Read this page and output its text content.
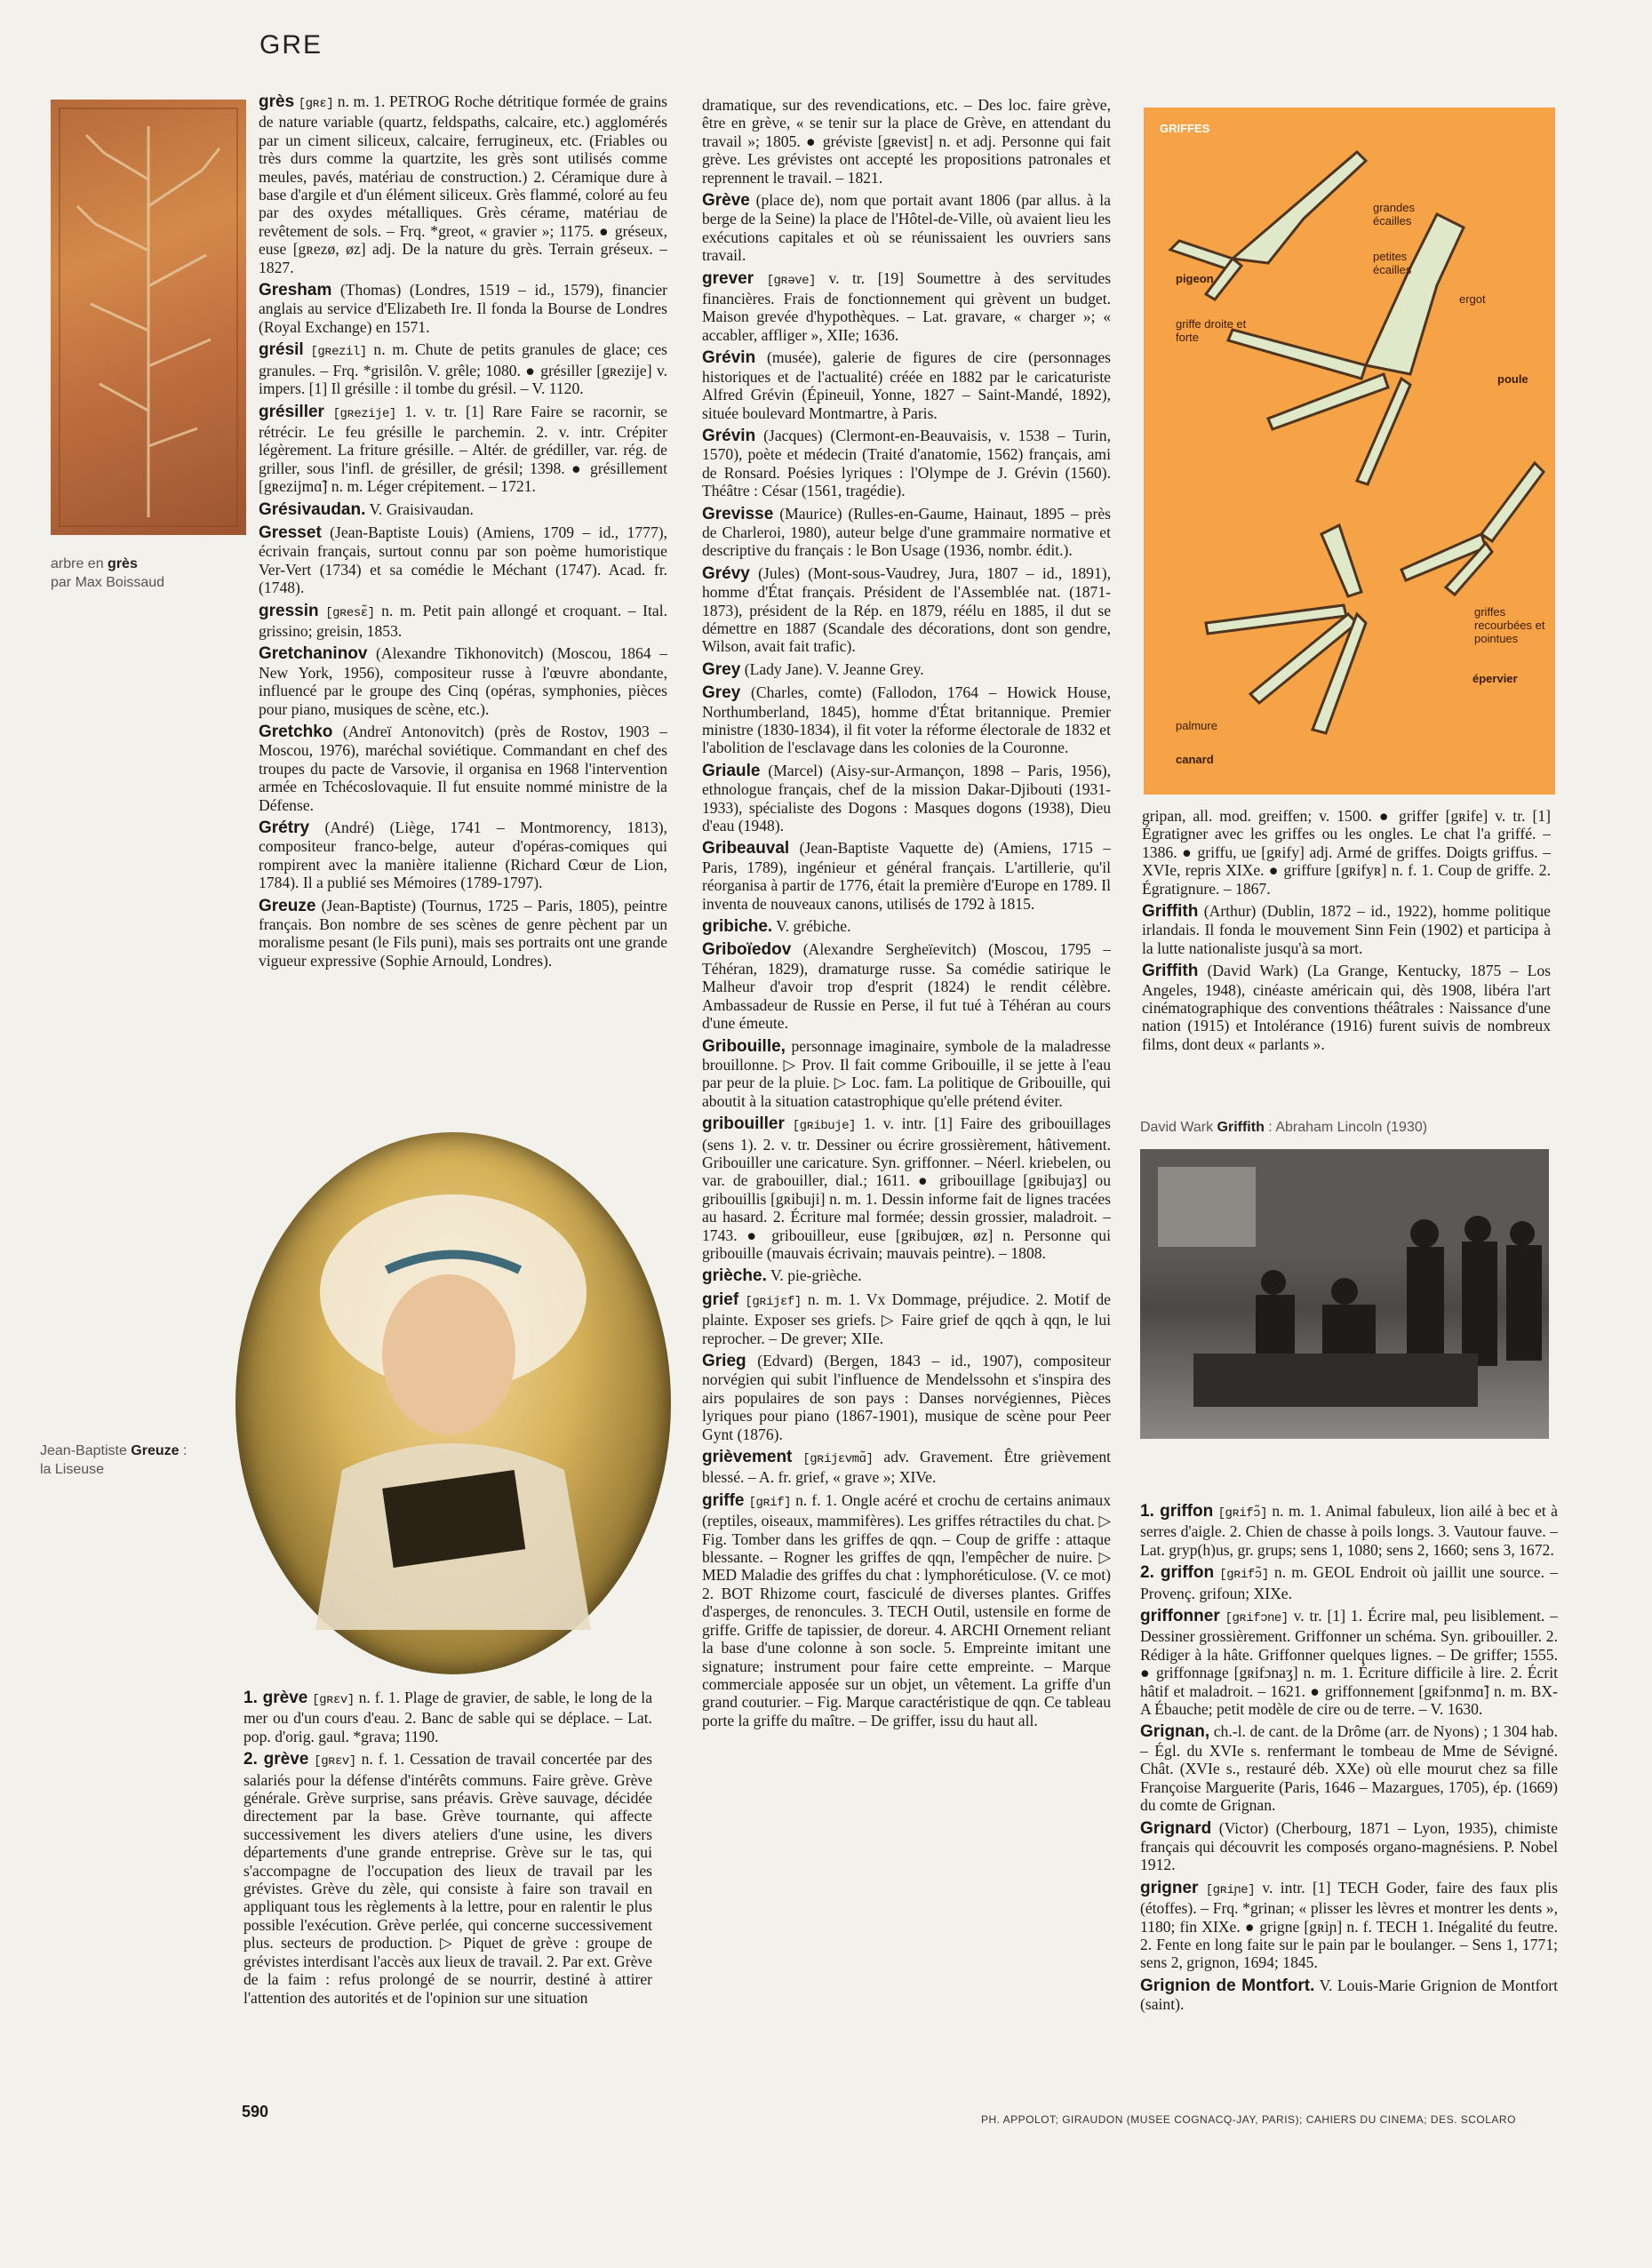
GRE
arbre en grès
par Max Boissaud
Jean-Baptiste Greuze :
la Liseuse
grès [gʀɛ] n. m. 1. PETROG Roche détritique formée de grains de nature variable (quartz, feldspaths, calcaire, etc.) agglomérés par un ciment siliceux, calcaire, ferrugineux, etc. (Friables ou très durs comme la quartzite, les grès sont utilisés comme meules, pavés, matériau de construction.) 2. Céramique dure à base d'argile et d'un élément siliceux. Grès flammé, coloré au feu par des oxydes métalliques. Grès cérame, matériau de revêtement de sols. – Frq. *greot, « gravier »; 1175. ● gréseux, euse [gʀezø, øz] adj. De la nature du grès. Terrain gréseux. – 1827.
Gresham (Thomas) (Londres, 1519 – id., 1579), financier anglais au service d'Elizabeth Ire. Il fonda la Bourse de Londres (Royal Exchange) en 1571.
grésil [gʀezil] n. m. Chute de petits granules de glace; ces granules. – Frq. *grisilôn. V. grêle; 1080. ● grésiller [gʀezije] v. impers. [1] Il grésille : il tombe du grésil. – V. 1120.
grésiller [gʀezije] 1. v. tr. [1] Rare Faire se racornir, se rétrécir. Le feu grésille le parchemin. 2. v. intr. Crépiter légèrement. La friture grésille. – Altér. de grédiller, var. rég. de griller, sous l'infl. de grésiller, de grésil; 1398. ● grésillement [gʀezijmɑ̃] n. m. Léger crépitement. – 1721.
Grésivaudan. V. Graisivaudan.
Gresset (Jean-Baptiste Louis) (Amiens, 1709 – id., 1777), écrivain français, surtout connu par son poème humoristique Ver-Vert (1734) et sa comédie le Méchant (1747). Acad. fr. (1748).
gressin [gʀesɛ̃] n. m. Petit pain allongé et croquant. – Ital. grissino; greisin, 1853.
Gretchaninov (Alexandre Tikhonovitch) (Moscou, 1864 – New York, 1956), compositeur russe à l'œuvre abondante, influencé par le groupe des Cinq (opéras, symphonies, pièces pour piano, musiques de scène, etc.).
Gretchko (Andreï Antonovitch) (près de Rostov, 1903 – Moscou, 1976), maréchal soviétique. Commandant en chef des troupes du pacte de Varsovie, il organisa en 1968 l'intervention armée en Tchécoslovaquie. Il fut ensuite nommé ministre de la Défense.
Grétry (André) (Liège, 1741 – Montmorency, 1813), compositeur franco-belge, auteur d'opéras-comiques qui rompirent avec la manière italienne (Richard Cœur de Lion, 1784). Il a publié ses Mémoires (1789-1797).
Greuze (Jean-Baptiste) (Tournus, 1725 – Paris, 1805), peintre français. Bon nombre de ses scènes de genre pèchent par un moralisme pesant (le Fils puni), mais ses portraits ont une grande vigueur expressive (Sophie Arnould, Londres).
1. grève [gʀɛv] n. f. 1. Plage de gravier, de sable, le long de la mer ou d'un cours d'eau. 2. Banc de sable qui se déplace. – Lat. pop. d'orig. gaul. *grava; 1190.
2. grève [gʀɛv] n. f. 1. Cessation de travail concertée par des salariés pour la défense d'intérêts communs. Faire grève. Grève générale. Grève surprise, sans préavis. Grève sauvage, décidée directement par la base. Grève tournante, qui affecte successivement les divers ateliers d'une usine, les divers départements d'une grande entreprise. Grève sur le tas, qui s'accompagne de l'occupation des lieux de travail par les grévistes. Grève du zèle, qui consiste à faire son travail en appliquant tous les règlements à la lettre, pour en ralentir le plus possible l'exécution. Grève perlée, qui concerne successivement plus. secteurs de production. ▷ Piquet de grève : groupe de grévistes interdisant l'accès aux lieux de travail. 2. Par ext. Grève de la faim : refus prolongé de se nourrir, destiné à attirer l'attention des autorités et de l'opinion sur une situation
dramatique, sur des revendications, etc. – Des loc. faire grève, être en grève, « se tenir sur la place de Grève, en attendant du travail »; 1805. ● gréviste [gʀevist] n. et adj. Personne qui fait grève. Les grévistes ont accepté les propositions patronales et reprennent le travail. – 1821.
Grève (place de), nom que portait avant 1806 (par allus. à la berge de la Seine) la place de l'Hôtel-de-Ville, où avaient lieu les exécutions capitales et où se réunissaient les ouvriers sans travail.
grever [gʀəve] v. tr. [19] Soumettre à des servitudes financières. Frais de fonctionnement qui grèvent un budget. Maison grevée d'hypothèques. – Lat. gravare, « charger »; « accabler, affliger », XIIe; 1636.
Grévin (musée), galerie de figures de cire (personnages historiques et de l'actualité) créée en 1882 par le caricaturiste Alfred Grévin (Épineuil, Yonne, 1827 – Saint-Mandé, 1892), située boulevard Montmartre, à Paris.
Grévin (Jacques) (Clermont-en-Beauvaisis, v. 1538 – Turin, 1570), poète et médecin (Traité d'anatomie, 1562) français, ami de Ronsard. Poésies lyriques : l'Olympe de J. Grévin (1560). Théâtre : César (1561, tragédie).
Grevisse (Maurice) (Rulles-en-Gaume, Hainaut, 1895 – près de Charleroi, 1980), auteur belge d'une grammaire normative et descriptive du français : le Bon Usage (1936, nombr. édit.).
Grévy (Jules) (Mont-sous-Vaudrey, Jura, 1807 – id., 1891), homme d'État français. Président de l'Assemblée nat. (1871-1873), président de la Rép. en 1879, réélu en 1885, il dut se démettre en 1887 (Scandale des décorations, dont son gendre, Wilson, avait fait trafic).
Grey (Lady Jane). V. Jeanne Grey.
Grey (Charles, comte) (Fallodon, 1764 – Howick House, Northumberland, 1845), homme d'État britannique. Premier ministre (1830-1834), il fit voter la réforme électorale de 1832 et l'abolition de l'esclavage dans les colonies de la Couronne.
Griaule (Marcel) (Aisy-sur-Armançon, 1898 – Paris, 1956), ethnologue français, chef de la mission Dakar-Djibouti (1931-1933), spécialiste des Dogons : Masques dogons (1938), Dieu d'eau (1948).
Gribeauval (Jean-Baptiste Vaquette de) (Amiens, 1715 – Paris, 1789), ingénieur et général français. L'artillerie, qu'il réorganisa à partir de 1776, était la première d'Europe en 1789. Il inventa de nouveaux canons, utilisés de 1792 à 1815.
gribiche. V. grébiche.
Griboïedov (Alexandre Sergheïevitch) (Moscou, 1795 – Téhéran, 1829), dramaturge russe. Sa comédie satirique le Malheur d'avoir trop d'esprit (1824) le rendit célèbre. Ambassadeur de Russie en Perse, il fut tué à Téhéran au cours d'une émeute.
Gribouille, personnage imaginaire, symbole de la maladresse brouillonne. ▷ Prov. Il fait comme Gribouille, il se jette à l'eau par peur de la pluie. ▷ Loc. fam. La politique de Gribouille, qui aboutit à la situation catastrophique qu'elle prétend éviter.
gribouiller [gʀibuje] 1. v. intr. [1] Faire des gribouillages (sens 1). 2. v. tr. Dessiner ou écrire grossièrement, hâtivement. Gribouiller une caricature. Syn. griffonner. – Néerl. kriebelen, ou var. de grabouiller, dial.; 1611. ● gribouillage [gʀibujaʒ] ou gribouillis [gʀibuji] n. m. 1. Dessin informe fait de lignes tracées au hasard. 2. Écriture mal formée; dessin grossier, maladroit. – 1743. ● gribouilleur, euse [gʀibujœʀ, øz] n. Personne qui gribouille (mauvais écrivain; mauvais peintre). – 1808.
grièche. V. pie-grièche.
grief [gʀijɛf] n. m. 1. Vx Dommage, préjudice. 2. Motif de plainte. Exposer ses griefs. ▷ Faire grief de qqch à qqn, le lui reprocher. – De grever; XIIe.
Grieg (Edvard) (Bergen, 1843 – id., 1907), compositeur norvégien qui subit l'influence de Mendelssohn et s'inspira des airs populaires de son pays : Danses norvégiennes, Pièces lyriques pour piano (1867-1901), musique de scène pour Peer Gynt (1876).
grièvement [gʀijɛvmɑ̃] adv. Gravement. Être grièvement blessé. – A. fr. grief, « grave »; XIVe.
griffe [gʀif] n. f. 1. Ongle acéré et crochu de certains animaux (reptiles, oiseaux, mammifères). Les griffes rétractiles du chat. ▷ Fig. Tomber dans les griffes de qqn. – Coup de griffe : attaque blessante. – Rogner les griffes de qqn, l'empêcher de nuire. ▷ MED Maladie des griffes du chat : lymphoréticulose. (V. ce mot) 2. BOT Rhizome court, fasciculé de diverses plantes. Griffes d'asperges, de renoncules. 3. TECH Outil, ustensile en forme de griffe. Griffe de tapissier, de doreur. 4. ARCHI Ornement reliant la base d'une colonne à son socle. 5. Empreinte imitant une signature; instrument pour faire cette empreinte. – Marque commerciale apposée sur un objet, un vêtement. La griffe d'un grand couturier. – Fig. Marque caractéristique de qqn. Ce tableau porte la griffe du maître. – De griffer, issu du haut all.
GRIFFES
grandes écailles
petites écailles
pigeon
ergot
griffe droite et forte
poule
griffes recourbées et pointues
épervier
palmure
canard
gripan, all. mod. greiffen; v. 1500. ● griffer [gʀife] v. tr. [1] Égratigner avec les griffes ou les ongles. Le chat l'a griffé. – 1386. ● griffu, ue [gʀify] adj. Armé de griffes. Doigts griffus. – XVIe, repris XIXe. ● griffure [gʀifyʀ] n. f. 1. Coup de griffe. 2. Égratignure. – 1867.
Griffith (Arthur) (Dublin, 1872 – id., 1922), homme politique irlandais. Il fonda le mouvement Sinn Fein (1902) et participa à la lutte nationaliste jusqu'à sa mort.
Griffith (David Wark) (La Grange, Kentucky, 1875 – Los Angeles, 1948), cinéaste américain qui, dès 1908, libéra l'art cinématographique des conventions théâtrales : Naissance d'une nation (1915) et Intolérance (1916) furent suivis de nombreux films, dont deux « parlants ».
David Wark Griffith : Abraham Lincoln (1930)
1. griffon [gʀifɔ̃] n. m. 1. Animal fabuleux, lion ailé à bec et à serres d'aigle. 2. Chien de chasse à poils longs. 3. Vautour fauve. – Lat. gryp(h)us, gr. grups; sens 1, 1080; sens 2, 1660; sens 3, 1672.
2. griffon [gʀifɔ̃] n. m. GEOL Endroit où jaillit une source. – Provenç. grifoun; XIXe.
griffonner [gʀifɔne] v. tr. [1] 1. Écrire mal, peu lisiblement. – Dessiner grossièrement. Griffonner un schéma. Syn. gribouiller. 2. Rédiger à la hâte. Griffonner quelques lignes. – De griffer; 1555. ● griffonnage [gʀifɔnaʒ] n. m. 1. Écriture difficile à lire. 2. Écrit hâtif et maladroit. – 1621. ● griffonnement [gʀifɔnmɑ̃] n. m. BX-A Ébauche; petit modèle de cire ou de terre. – V. 1630.
Grignan, ch.-l. de cant. de la Drôme (arr. de Nyons) ; 1 304 hab. – Égl. du XVIe s. renfermant le tombeau de Mme de Sévigné. Chât. (XVIe s., restauré déb. XXe) où elle mourut chez sa fille Françoise Marguerite (Paris, 1646 – Mazargues, 1705), ép. (1669) du comte de Grignan.
Grignard (Victor) (Cherbourg, 1871 – Lyon, 1935), chimiste français qui découvrit les composés organo-magnésiens. P. Nobel 1912.
grigner [gʀiɲe] v. intr. [1] TECH Goder, faire des faux plis (étoffes). – Frq. *grinan; « plisser les lèvres et montrer les dents », 1180; fin XIXe. ● grigne [gʀiɲ] n. f. TECH 1. Inégalité du feutre. 2. Fente en long faite sur le pain par le boulanger. – Sens 1, 1771; sens 2, grignon, 1694; 1845.
Grignion de Montfort. V. Louis-Marie Grignion de Montfort (saint).
590	PH. APPOLOT; GIRAUDON (MUSEE COGNACQ-JAY, PARIS); CAHIERS DU CINEMA; DES. SCOLARO
